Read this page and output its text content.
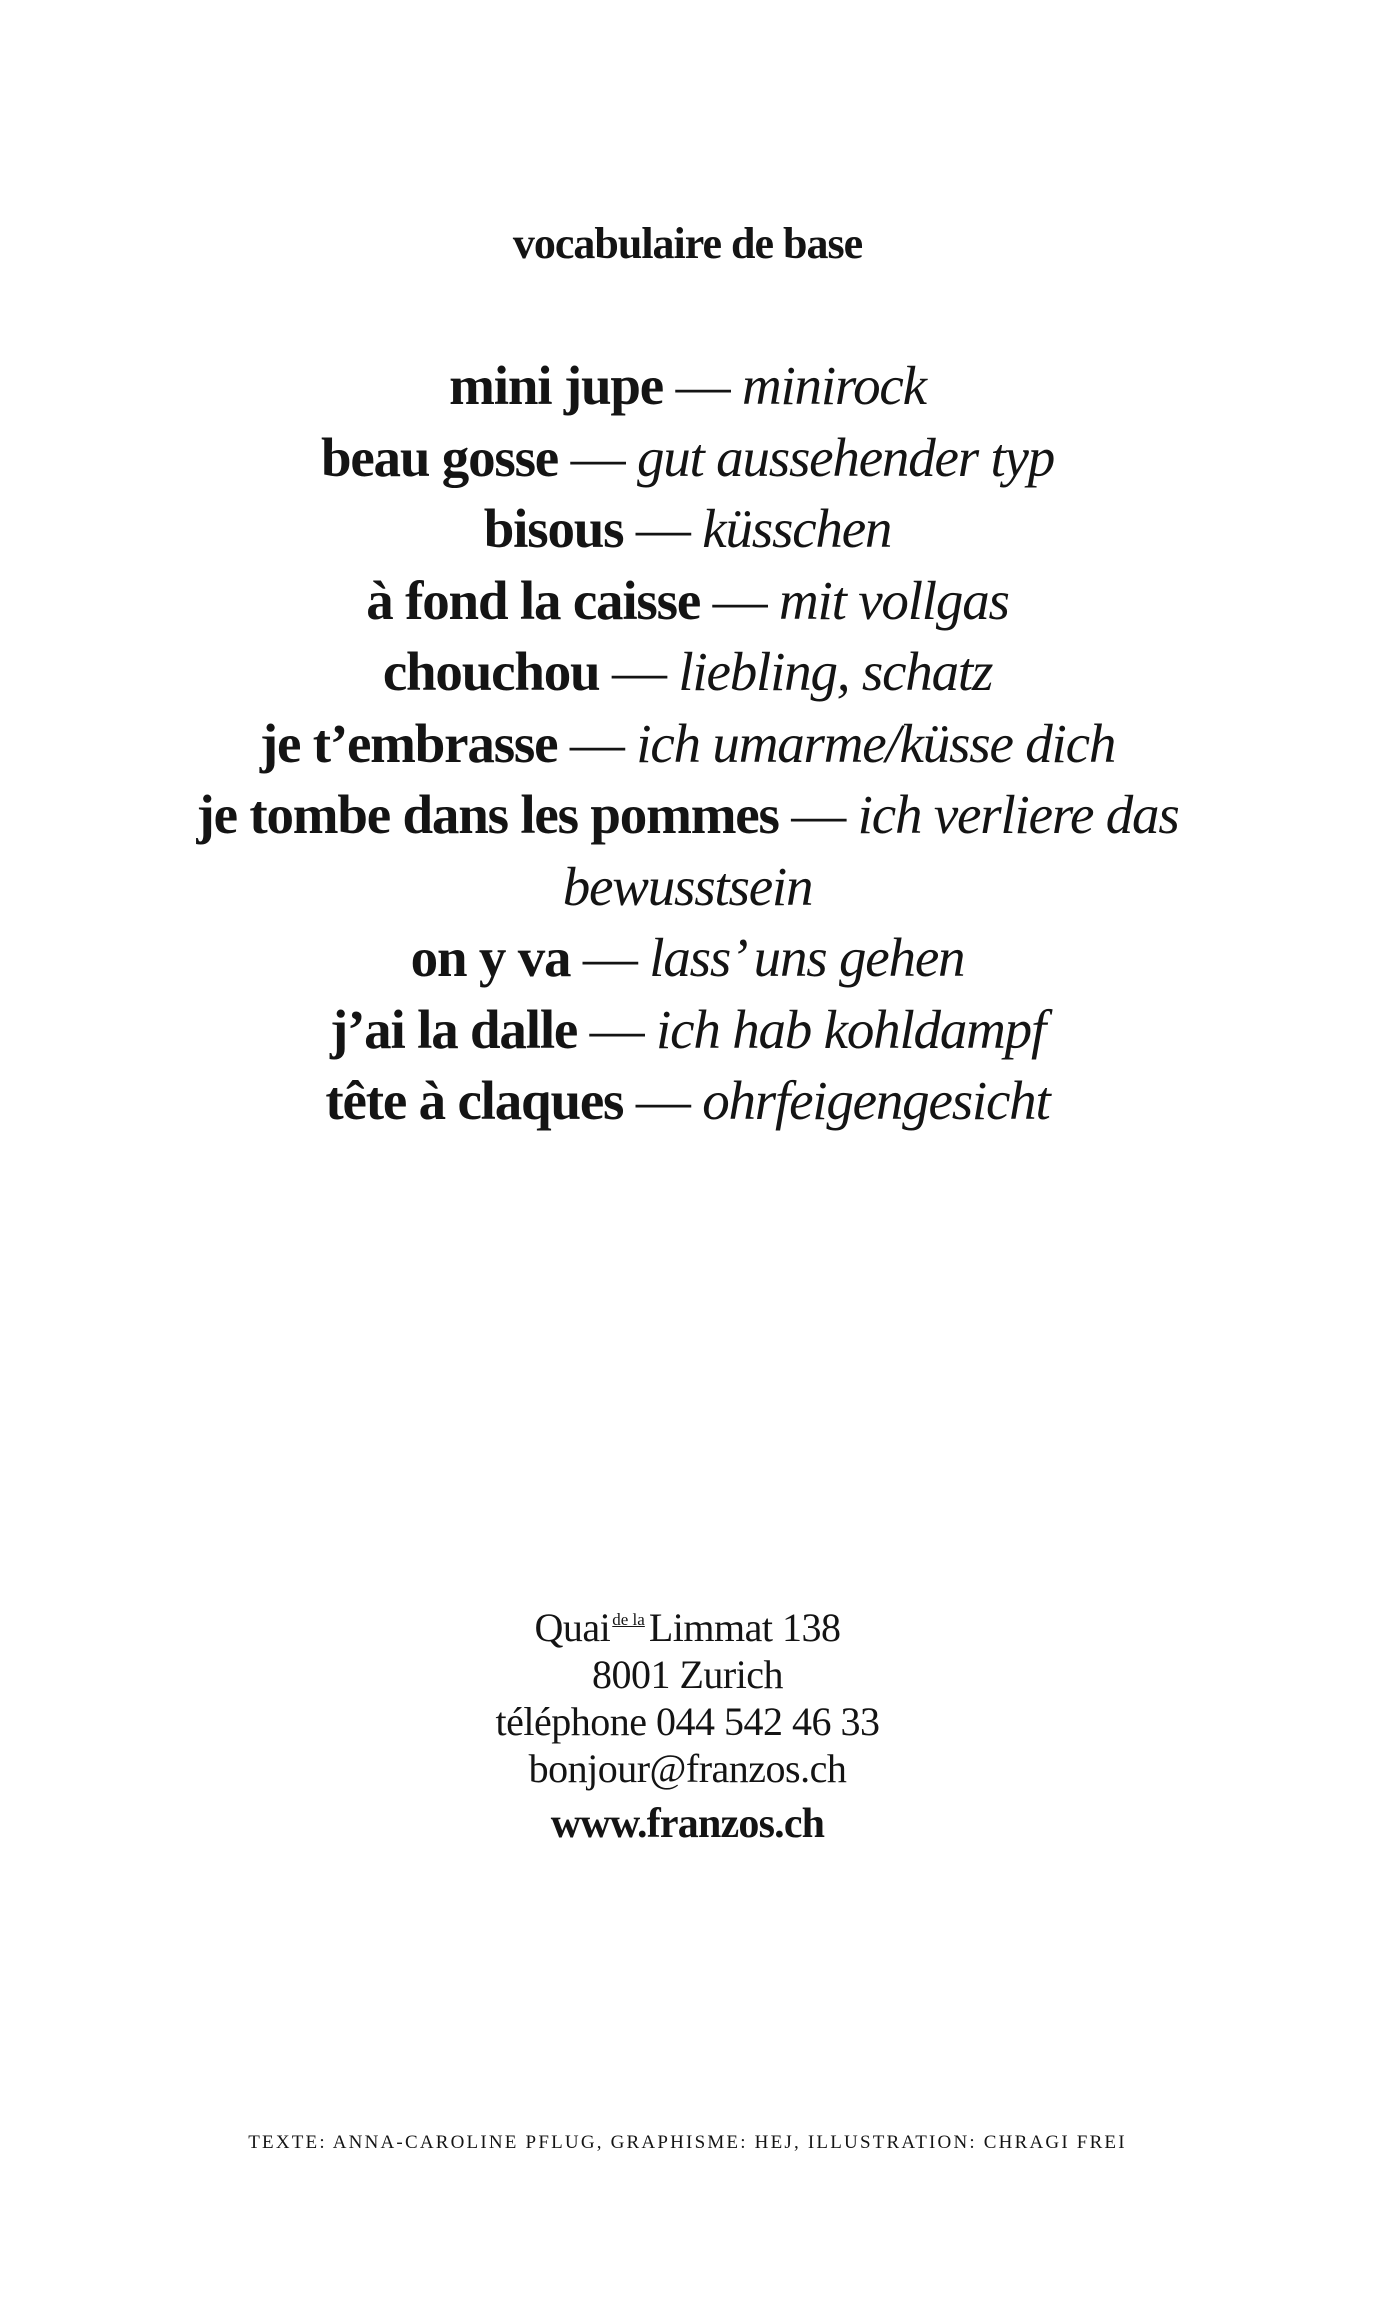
vocabulaire de base
mini jupe — minirock
beau gosse — gut aussehender typ
bisous — küsschen
à fond la caisse — mit vollgas
chouchou — liebling, schatz
je t’embrasse — ich umarme/küsse dich
je tombe dans les pommes — ich verliere das bewusstsein
on y va — lass’ uns gehen
j’ai la dalle — ich hab kohldampf
tête à claques — ohrfeigengesicht
Quai $^{de la}$ Limmat 138
8001 Zurich
téléphone 044 542 46 33
bonjour@franzos.ch
www.franzos.ch
TEXTE: ANNA-CAROLINE PFLUG, GRAPHISME: HEJ, ILLUSTRATION: CHRAGI FREI
